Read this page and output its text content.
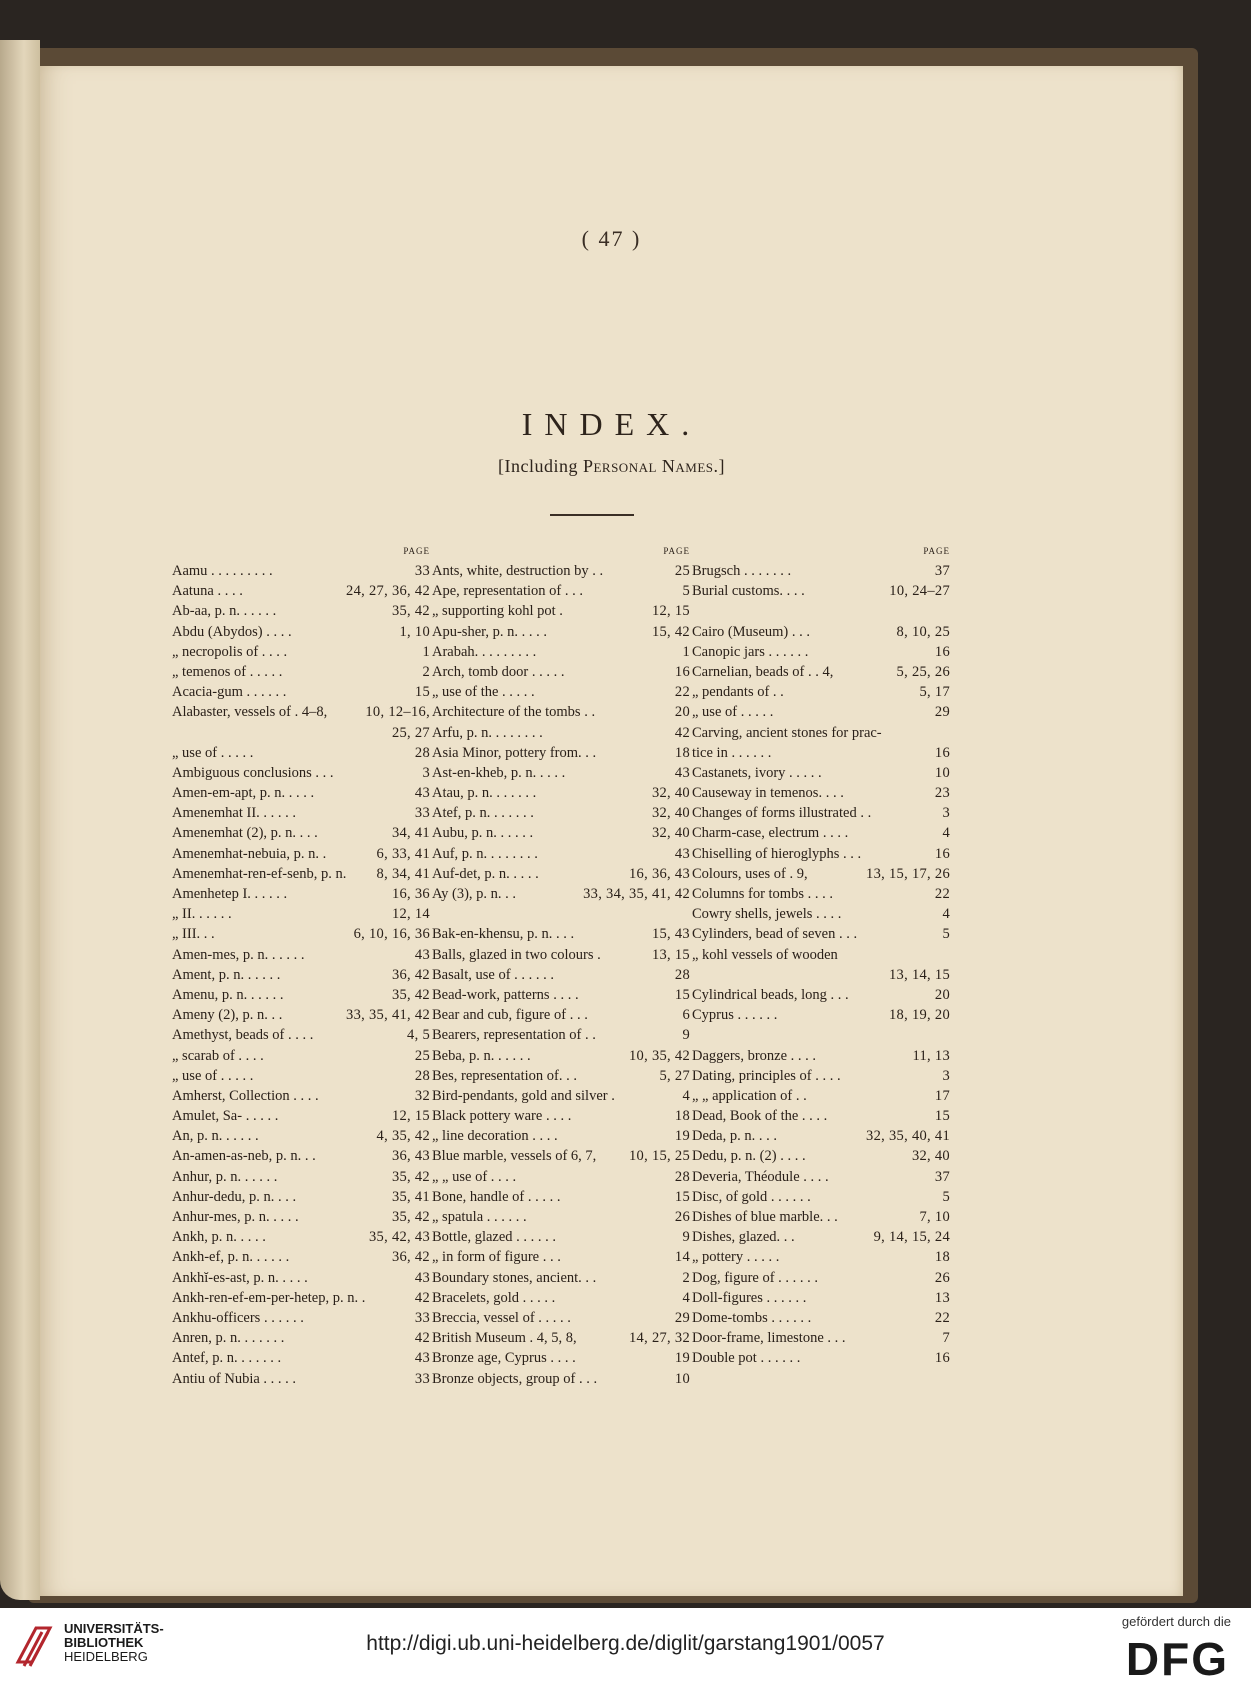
( 47 )
INDEX.
[Including Personal Names.]
PAGE
Aamu . . . . . . . . .	33
Aatuna . . . .	24, 27, 36, 42
Ab-aa, p. n. . . . . .	35, 42
Abdu (Abydos) . . . .	1, 10
„ necropolis of . . . .	1
„ temenos of . . . . .	2
Acacia-gum . . . . . .	15
Alabaster, vessels of . 4–8,	10, 12–16,
25, 27
„ use of . . . . .	28
Ambiguous conclusions . . .	3
Amen-em-apt, p. n. . . . .	43
Amenemhat II. . . . . .	33
Amenemhat (2), p. n. . . .	34, 41
Amenemhat-nebuia, p. n. .	6, 33, 41
Amenemhat-ren-ef-senb, p. n. 8, 34, 41
Amenhetep I. . . . . .	16, 36
„ II. . . . . .	12, 14
„ III. . .	6, 10, 16, 36
Amen-mes, p. n. . . . . .	43
Ament, p. n. . . . . .	36, 42
Amenu, p. n. . . . . .	35, 42
Ameny (2), p. n. . .	33, 35, 41, 42
Amethyst, beads of . . . .	4, 5
„ scarab of . . . .	25
„ use of . . . . .	28
Amherst, Collection . . . .	32
Amulet, Sa- . . . . .	12, 15
An, p. n. . . . . .	4, 35, 42
An-amen-as-neb, p. n. . .	36, 43
Anhur, p. n. . . . . .	35, 42
Anhur-dedu, p. n. . . .	35, 41
Anhur-mes, p. n. . . . .	35, 42
Ankh, p. n. . . . .	35, 42, 43
Ankh-ef, p. n. . . . . .	36, 42
Ankhĭ-es-ast, p. n. . . . .	43
Ankh-ren-ef-em-per-hetep, p. n. .	42
Ankhu-officers . . . . . .	33
Anren, p. n. . . . . . .	42
Antef, p. n. . . . . . .	43
Antiu of Nubia . . . . .	33
PAGE
Ants, white, destruction by . .	25
Ape, representation of . . .	5
„ supporting kohl pot .	12, 15
Apu-sher, p. n. . . . .	15, 42
Arabah. . . . . . . . .	1
Arch, tomb door . . . . .	16
„ use of the . . . . .	22
Architecture of the tombs . .	20
Arfu, p. n. . . . . . . .	42
Asia Minor, pottery from. . .	18
Ast-en-kheb, p. n. . . . .	43
Atau, p. n. . . . . . .	32, 40
Atef, p. n. . . . . . .	32, 40
Aubu, p. n. . . . . .	32, 40
Auf, p. n. . . . . . . .	43
Auf-det, p. n. . . . .	16, 36, 43
Ay (3), p. n. . .	33, 34, 35, 41, 42
Bak-en-khensu, p. n. . . .	15, 43
Balls, glazed in two colours .	13, 15
Basalt, use of . . . . . .	28
Bead-work, patterns . . . .	15
Bear and cub, figure of . . .	6
Bearers, representation of . .	9
Beba, p. n. . . . . .	10, 35, 42
Bes, representation of. . .	5, 27
Bird-pendants, gold and silver .	4
Black pottery ware . . . .	18
„ line decoration . . . .	19
Blue marble, vessels of 6, 7, 10, 15, 25
„ „ use of . . . .	28
Bone, handle of . . . . .	15
„ spatula . . . . . .	26
Bottle, glazed . . . . . .	9
„ in form of figure . . .	14
Boundary stones, ancient. . .	2
Bracelets, gold . . . . .	4
Breccia, vessel of . . . . .	29
British Museum . 4, 5, 8,	14, 27, 32
Bronze age, Cyprus . . . .	19
Bronze objects, group of . . .	10
PAGE
Brugsch . . . . . . .	37
Burial customs. . . .	10, 24–27
Cairo (Museum) . . .	8, 10, 25
Canopic jars . . . . . .	16
Carnelian, beads of . . 4,	5, 25, 26
„ pendants of . .	5, 17
„ use of . . . . .	29
Carving, ancient stones for prac-
tice in . . . . . .	16
Castanets, ivory . . . . .	10
Causeway in temenos. . . .	23
Changes of forms illustrated . .	3
Charm-case, electrum . . . .	4
Chiselling of hieroglyphs . . .	16
Colours, uses of . 9,	13, 15, 17, 26
Columns for tombs . . . .	22
Cowry shells, jewels . . . .	4
Cylinders, bead of seven . . .	5
„ kohl vessels of wooden
13, 14, 15
Cylindrical beads, long . . .	20
Cyprus . . . . . .	18, 19, 20
Daggers, bronze . . . .	11, 13
Dating, principles of . . . .	3
„ „ application of . .	17
Dead, Book of the . . . .	15
Deda, p. n. . . .	32, 35, 40, 41
Dedu, p. n. (2) . . . .	32, 40
Deveria, Théodule . . . .	37
Disc, of gold . . . . . .	5
Dishes of blue marble. . .	7, 10
Dishes, glazed. . .	9, 14, 15, 24
„ pottery . . . . .	18
Dog, figure of . . . . . .	26
Doll-figures . . . . . .	13
Dome-tombs . . . . . .	22
Door-frame, limestone . . .	7
Double pot . . . . . .	16
UNIVERSITÄTS-
BIBLIOTHEK
HEIDELBERG
http://digi.ub.uni-heidelberg.de/diglit/garstang1901/0057
gefördert durch die
DFG
